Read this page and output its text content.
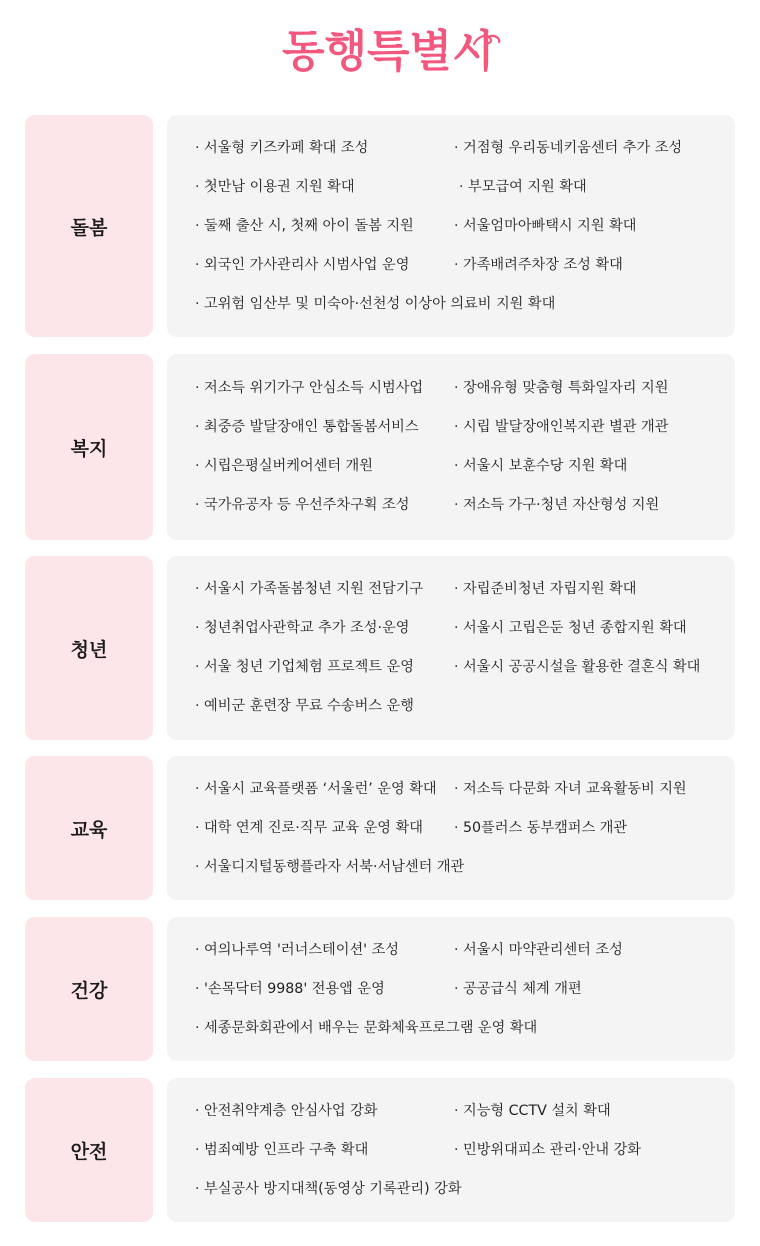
동행특별시
돌봄
· 서울형 키즈카페 확대 조성	· 거점형 우리동네키움센터 추가 조성
· 첫만남 이용권 지원 확대	· 부모급여 지원 확대
· 둘째 출산 시, 첫째 아이 돌봄 지원	· 서울엄마아빠택시 지원 확대
· 외국인 가사관리사 시범사업 운영	· 가족배려주차장 조성 확대
· 고위험 임산부 및 미숙아·선천성 이상아 의료비 지원 확대
복지
· 저소득 위기가구 안심소득 시범사업	· 장애유형 맞춤형 특화일자리 지원
· 최중증 발달장애인 통합돌봄서비스	· 시립 발달장애인복지관 별관 개관
· 시립은평실버케어센터 개원	· 서울시 보훈수당 지원 확대
· 국가유공자 등 우선주차구획 조성	· 저소득 가구·청년 자산형성 지원
청년
· 서울시 가족돌봄청년 지원 전담기구	· 자립준비청년 자립지원 확대
· 청년취업사관학교 추가 조성·운영	· 서울시 고립은둔 청년 종합지원 확대
· 서울 청년 기업체험 프로젝트 운영	· 서울시 공공시설을 활용한 결혼식 확대
· 예비군 훈련장 무료 수송버스 운행
교육
· 서울시 교육플랫폼 ‘서울런’ 운영 확대	· 저소득 다문화 자녀 교육활동비 지원
· 대학 연계 진로·직무 교육 운영 확대	· 50플러스 동부캠퍼스 개관
· 서울디지털동행플라자 서북·서남센터 개관
건강
· 여의나루역 '러너스테이션' 조성	· 서울시 마약관리센터 조성
· '손목닥터 9988' 전용앱 운영	· 공공급식 체계 개편
· 세종문화회관에서 배우는 문화체육프로그램 운영 확대
안전
· 안전취약계층 안심사업 강화	· 지능형 CCTV 설치 확대
· 범죄예방 인프라 구축 확대	· 민방위대피소 관리·안내 강화
· 부실공사 방지대책(동영상 기록관리) 강화
